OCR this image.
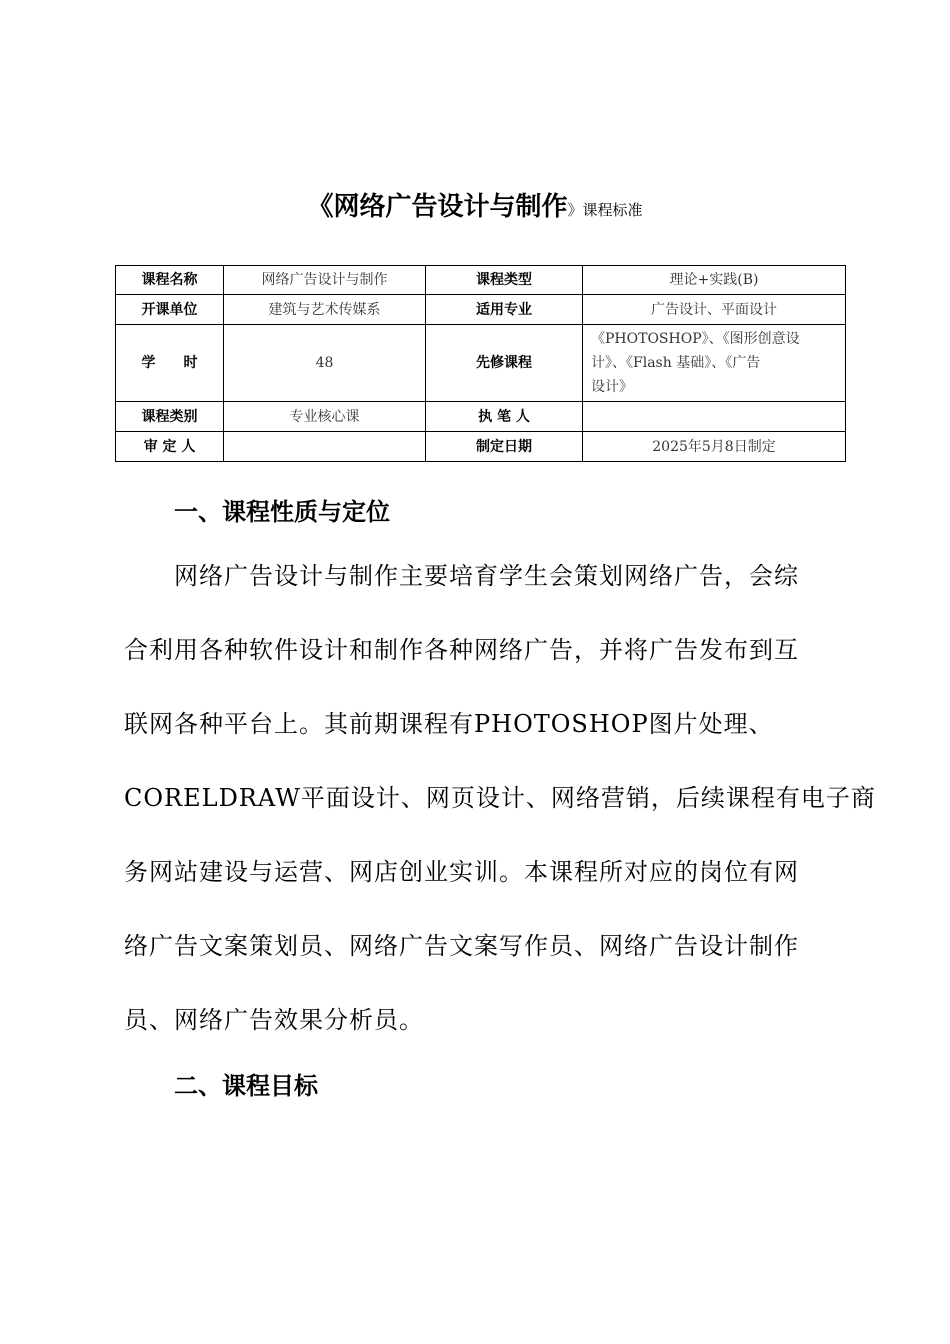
《网络广告设计与制作》课程标准
课程名称	网络广告设计与制作	课程类型	理论+实践(B)
开课单位	建筑与艺术传媒系	适用专业	广告设计、平面设计
学　　时	48	先修课程	《PHOTOSHOP》、《图形创意设
计》、《Flash 基础》、《广告
设计》

课程类别	专业核心课	执 笔 人	
审 定 人		制定日期	2025年5月8日制定
一、课程性质与定位
　　网络广告设计与制作主要培育学生会策划网络广告，会综
合利用各种软件设计和制作各种网络广告，并将广告发布到互
联网各种平台上。其前期课程有PHOTOSHOP图片处理、
CORELDRAW平面设计、网页设计、网络营销，后续课程有电子商
务网站建设与运营、网店创业实训。本课程所对应的岗位有网
络广告文案策划员、网络广告文案写作员、网络广告设计制作
员、网络广告效果分析员。
二、课程目标
